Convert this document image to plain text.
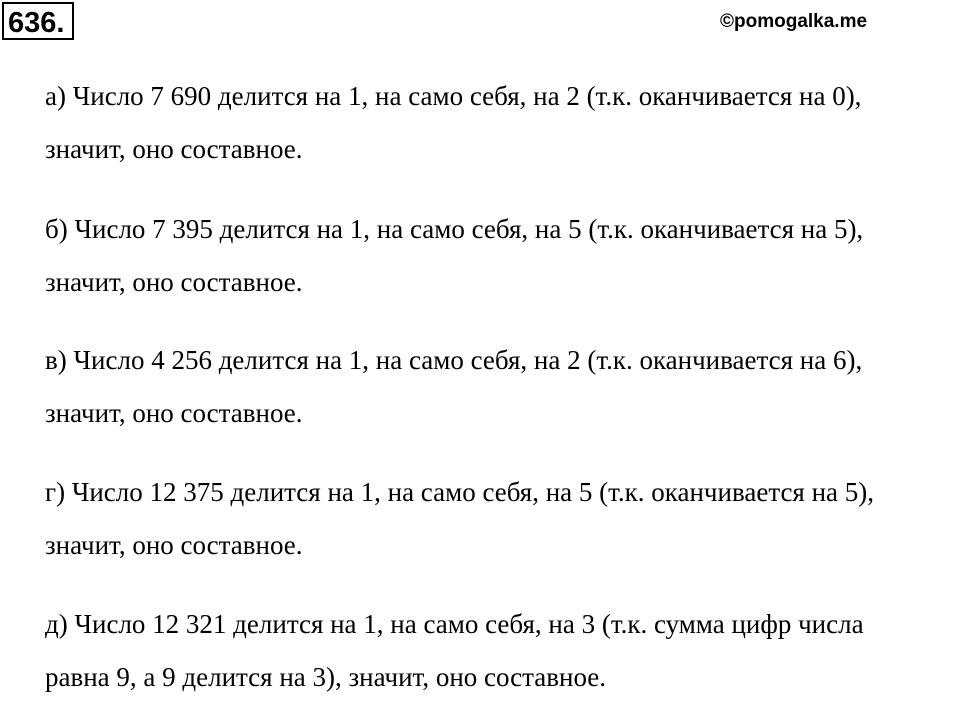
636.	©pomogalka.me
а) Число 7 690 делится на 1, на само себя, на 2 (т.к. оканчивается на 0),
значит, оно составное.
б) Число 7 395 делится на 1, на само себя, на 5 (т.к. оканчивается на 5),
значит, оно составное.
в) Число 4 256 делится на 1, на само себя, на 2 (т.к. оканчивается на 6),
значит, оно составное.
г) Число 12 375 делится на 1, на само себя, на 5 (т.к. оканчивается на 5),
значит, оно составное.
д) Число 12 321 делится на 1, на само себя, на 3 (т.к. сумма цифр числа
равна 9, а 9 делится на 3), значит, оно составное.
